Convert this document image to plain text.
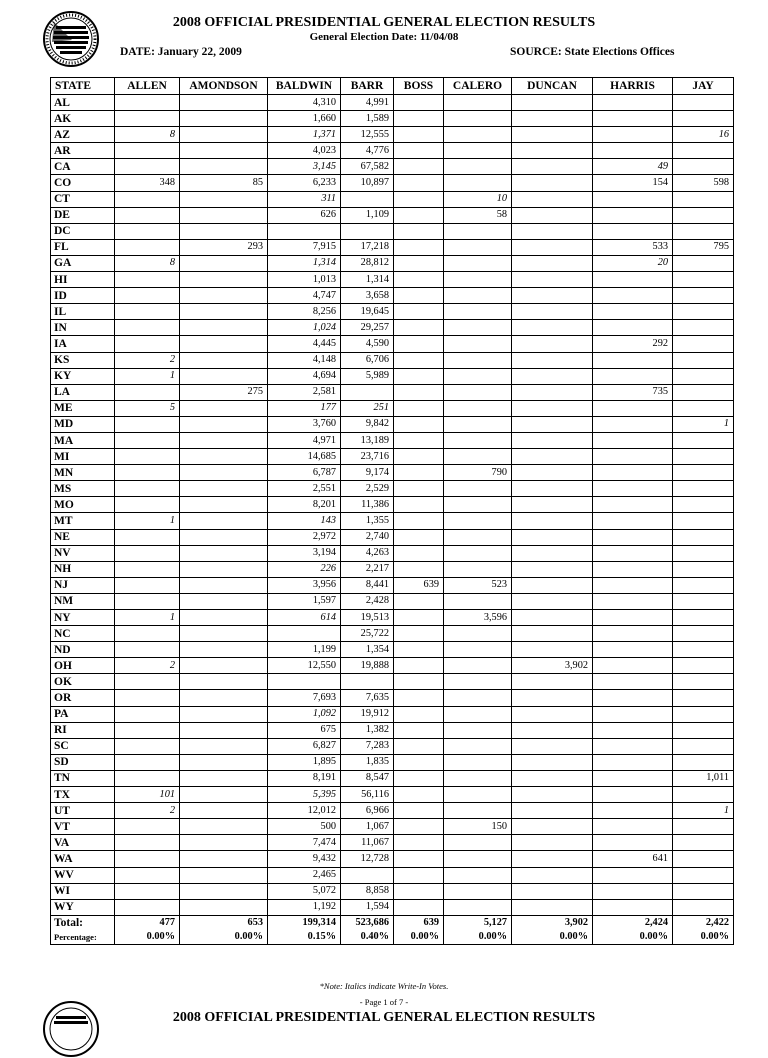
2008 OFFICIAL PRESIDENTIAL GENERAL ELECTION RESULTS
General Election Date: 11/04/08
DATE: January 22, 2009	SOURCE: State Elections Offices
STATE	ALLEN	AMONDSON	BALDWIN	BARR	BOSS	CALERO	DUNCAN	HARRIS	JAY
AL			4,310	4,991					
AK			1,660	1,589					
AZ	8		1,371	12,555					16
AR			4,023	4,776					
CA			3,145	67,582				49	
CO	348	85	6,233	10,897				154	598
CT			311			10			
DE			626	1,109		58			
DC									
FL		293	7,915	17,218				533	795
GA	8		1,314	28,812				20	
HI			1,013	1,314					
ID			4,747	3,658					
IL			8,256	19,645					
IN			1,024	29,257					
IA			4,445	4,590				292	
KS	2		4,148	6,706					
KY	1		4,694	5,989					
LA		275	2,581					735	
ME	5		177	251					
MD			3,760	9,842					1
MA			4,971	13,189					
MI			14,685	23,716					
MN			6,787	9,174		790			
MS			2,551	2,529					
MO			8,201	11,386					
MT	1		143	1,355					
NE			2,972	2,740					
NV			3,194	4,263					
NH			226	2,217					
NJ			3,956	8,441	639	523			
NM			1,597	2,428					
NY	1		614	19,513		3,596			
NC				25,722					
ND			1,199	1,354					
OH	2		12,550	19,888			3,902		
OK									
OR			7,693	7,635					
PA			1,092	19,912					
RI			675	1,382					
SC			6,827	7,283					
SD			1,895	1,835					
TN			8,191	8,547					1,011
TX	101		5,395	56,116					
UT	2		12,012	6,966					1
VT			500	1,067		150			
VA			7,474	11,067					
WA			9,432	12,728				641	
WV			2,465						
WI			5,072	8,858					
WY			1,192	1,594					
Total:	477	653	199,314	523,686	639	5,127	3,902	2,424	2,422
Percentage:	0.00%	0.00%	0.15%	0.40%	0.00%	0.00%	0.00%	0.00%	0.00%
*Note: Italics indicate Write-In Votes.
- Page 1 of 7 -
2008 OFFICIAL PRESIDENTIAL GENERAL ELECTION RESULTS
